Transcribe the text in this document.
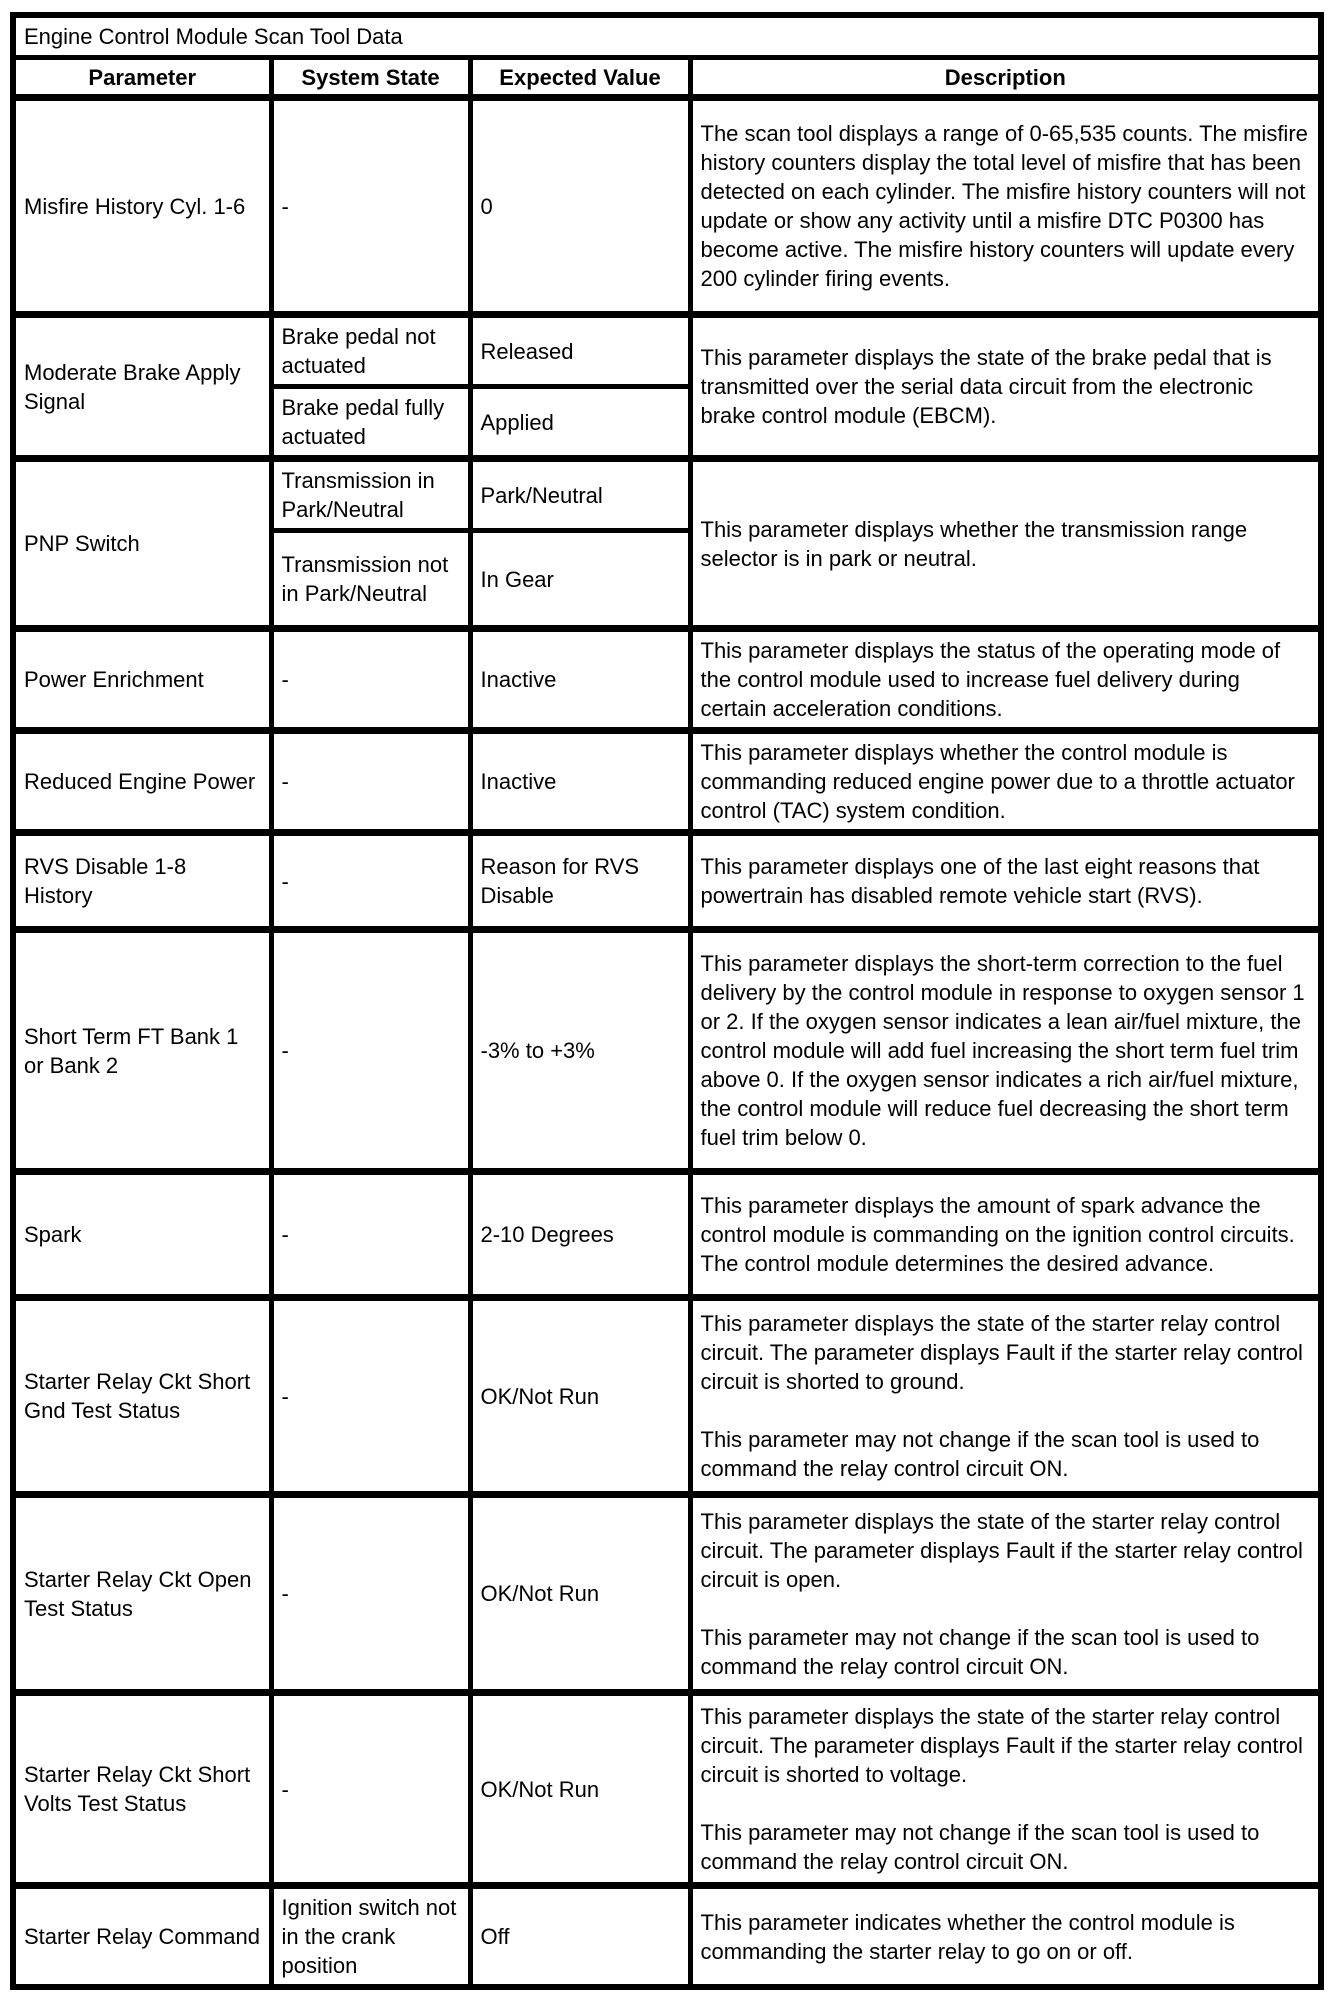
Engine Control Module Scan Tool Data			
Parameter	System State	Expected Value	Description
Misfire History Cyl. 1-6	-	0	The scan tool displays a range of 0-65,535 counts. The misfire history counters display the total level of misfire that has been detected on each cylinder. The misfire history counters will not update or show any activity until a misfire DTC P0300 has become active. The misfire history counters will update every 200 cylinder firing events.

Moderate Brake Apply Signal	Brake pedal not actuated	Released	This parameter displays the state of the brake pedal that is transmitted over the serial data circuit from the electronic brake control module (EBCM).

	Brake pedal fully actuated	Applied	
PNP Switch	Transmission in Park/Neutral	Park/Neutral	This parameter displays whether the transmission range selector is in park or neutral.

	Transmission not in Park/Neutral	In Gear	
Power Enrichment	-	Inactive	This parameter displays the status of the operating mode of the control module used to increase fuel delivery during certain acceleration conditions.

Reduced Engine Power	-	Inactive	This parameter displays whether the control module is commanding reduced engine power due to a throttle actuator control (TAC) system condition.

RVS Disable 1-8 History	-	Reason for RVS Disable	This parameter displays one of the last eight reasons that powertrain has disabled remote vehicle start (RVS).

Short Term FT Bank 1 or Bank 2	-	-3% to +3%	This parameter displays the short-term correction to the fuel delivery by the control module in response to oxygen sensor 1 or 2. If the oxygen sensor indicates a lean air/fuel mixture, the control module will add fuel increasing the short term fuel trim above 0. If the oxygen sensor indicates a rich air/fuel mixture, the control module will reduce fuel decreasing the short term fuel trim below 0.

Spark	-	2-10 Degrees	This parameter displays the amount of spark advance the control module is commanding on the ignition control circuits. The control module determines the desired advance.

Starter Relay Ckt Short Gnd Test Status	-	OK/Not Run	This parameter displays the state of the starter relay control circuit. The parameter displays Fault if the starter relay control circuit is shorted to ground.

This parameter may not change if the scan tool is used to command the relay control circuit ON.

Starter Relay Ckt Open Test Status	-	OK/Not Run	This parameter displays the state of the starter relay control circuit. The parameter displays Fault if the starter relay control circuit is open.

This parameter may not change if the scan tool is used to command the relay control circuit ON.

Starter Relay Ckt Short Volts Test Status	-	OK/Not Run	This parameter displays the state of the starter relay control circuit. The parameter displays Fault if the starter relay control circuit is shorted to voltage.

This parameter may not change if the scan tool is used to command the relay control circuit ON.

Starter Relay Command	Ignition switch not in the crank position	Off	This parameter indicates whether the control module is commanding the starter relay to go on or off.
